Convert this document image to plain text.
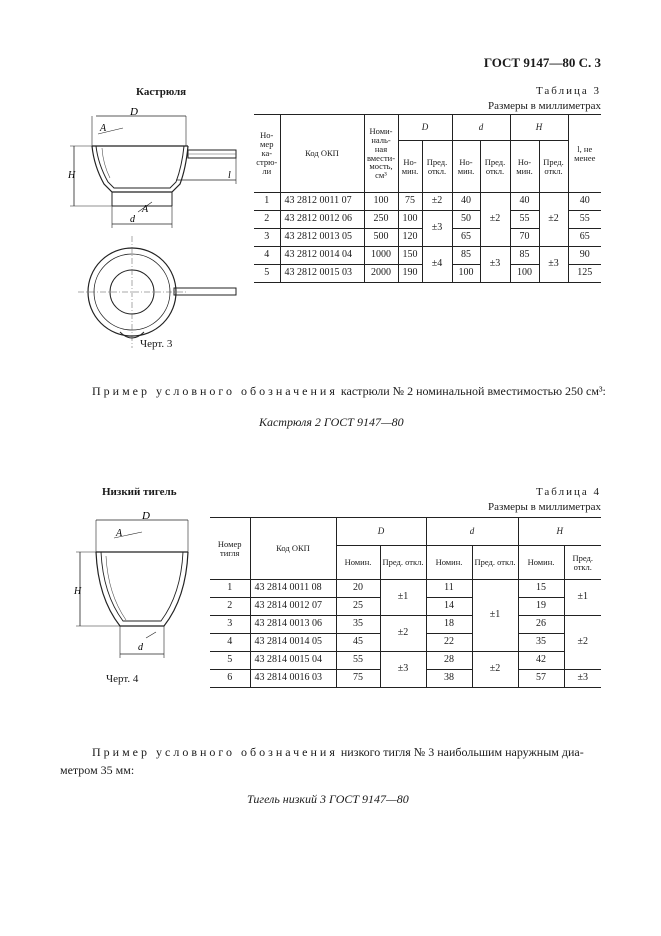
ГОСТ 9147—80 С. 3
Кастрюля	Таблица 3
Размеры в миллиметрах
D
A
H	l
A
d
Черт. 3
Но-мер ка-стрю-ли	Код ОКП	Номи-наль-ная вмести-мость, см³	D		d		H		l, не менее
			Но-мин.	Пред. откл.	Но-мин.	Пред. откл.	Но-мин.	Пред. откл.	
1	43 2812 0011 07	100	75	±2	40	±2	40	±2	40
2	43 2812 0012 06	250	100	±3	50		55		55
3	43 2812 0013 05	500	120		65		70		65
4	43 2812 0014 04	1000	150	±4	85	±3	85	±3	90
5	43 2812 0015 03	2000	190		100		100		125
Пример условного обозначения кастрюли № 2 номинальной вместимостью 250 см³:
Кастрюля 2 ГОСТ 9147—80
Низкий тигель	Таблица 4
Размеры в миллиметрах
D
A
H
d
Черт. 4
Номер тигля	Код ОКП	D		d		H	
		Номин.	Пред. откл.	Номин.	Пред. откл.	Номин.	Пред. откл.
1	43 2814 0011 08	20	±1	11	±1	15	±1
2	43 2814 0012 07	25		14		19	
3	43 2814 0013 06	35	±2	18		26	±2
4	43 2814 0014 05	45		22		35	
5	43 2814 0015 04	55	±3	28	±2	42	
6	43 2814 0016 03	75		38		57	±3
Пример условного обозначения низкого тигля № 3 наибольшим наружным диа-
метром 35 мм:
Тигель низкий 3 ГОСТ 9147—80
